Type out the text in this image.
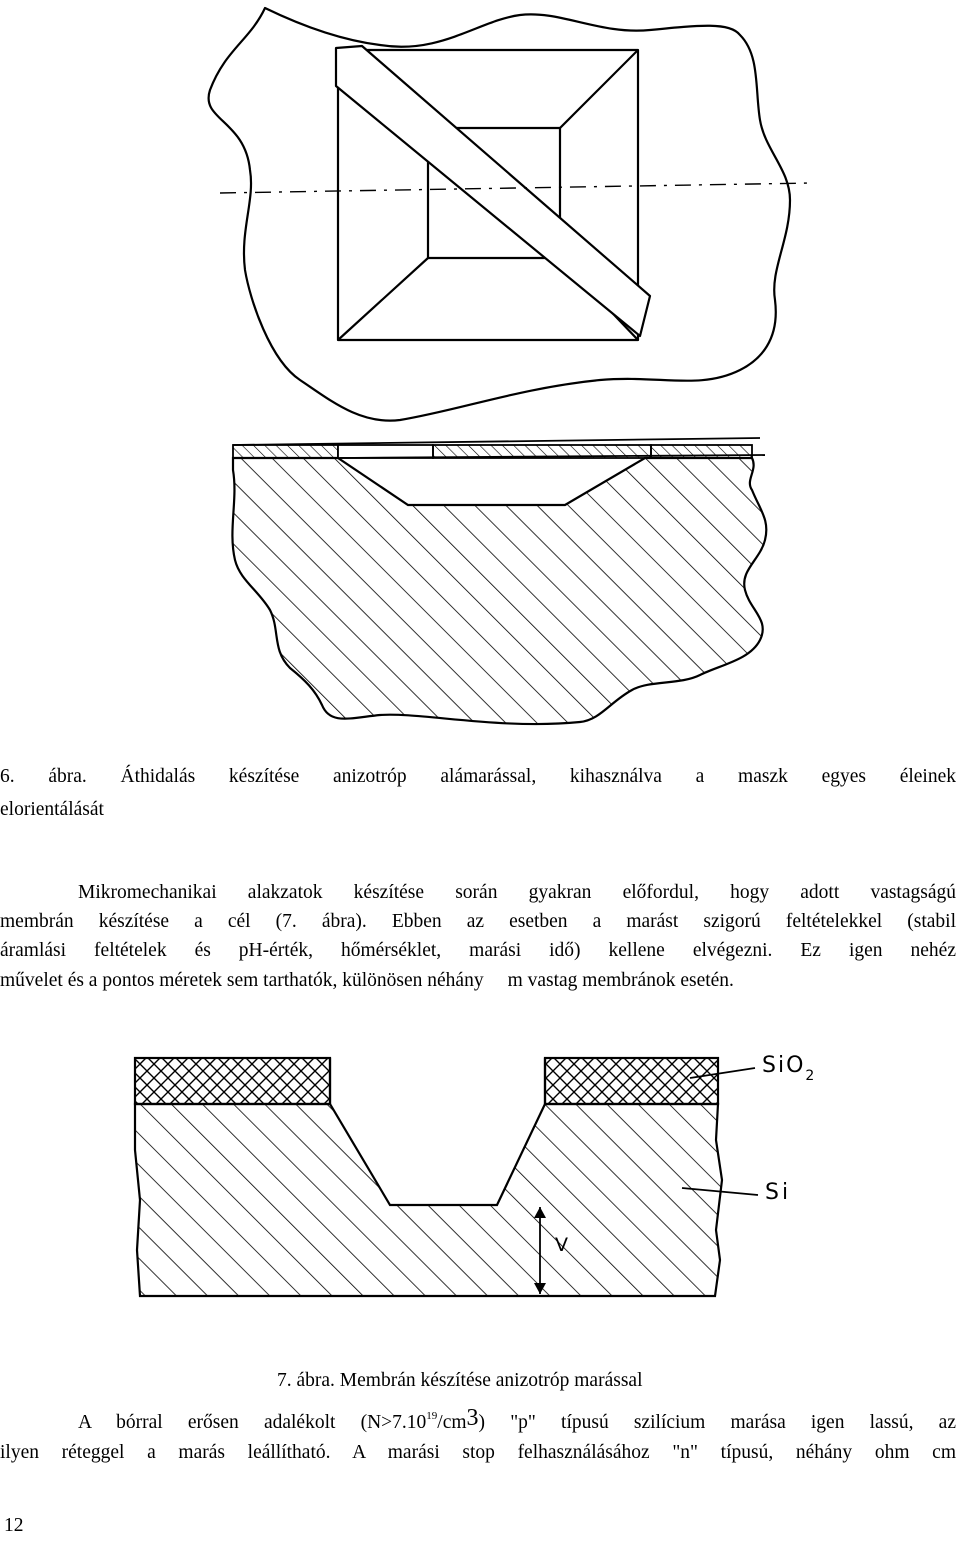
6. ábra. Áthidalás készítése anizotróp alámarással, kihasználva a maszk egyes éleinek
elorientálását
Mikromechanikai alakzatok készítése során gyakran előfordul, hogy adott vastagságú
membrán készítése a cél (7. ábra). Ebben az esetben a marást szigorú feltételekkel (stabil
áramlási feltételek és pH-érték, hőmérséklet, marási idő) kellene elvégezni. Ez igen nehéz
művelet és a pontos méretek sem tarthatók, különösen néhány m vastag membránok esetén.
SiO$_2$
Si
V
7. ábra. Membrán készítése anizotróp marással
A bórral erősen adalékolt $(N>7.10^{19}/cm3)$ "p" típusú szilícium marása igen lassú, az
ilyen réteggel a marás leállítható. A marási stop felhasználásához "n" típusú, néhány ohm cm
12
